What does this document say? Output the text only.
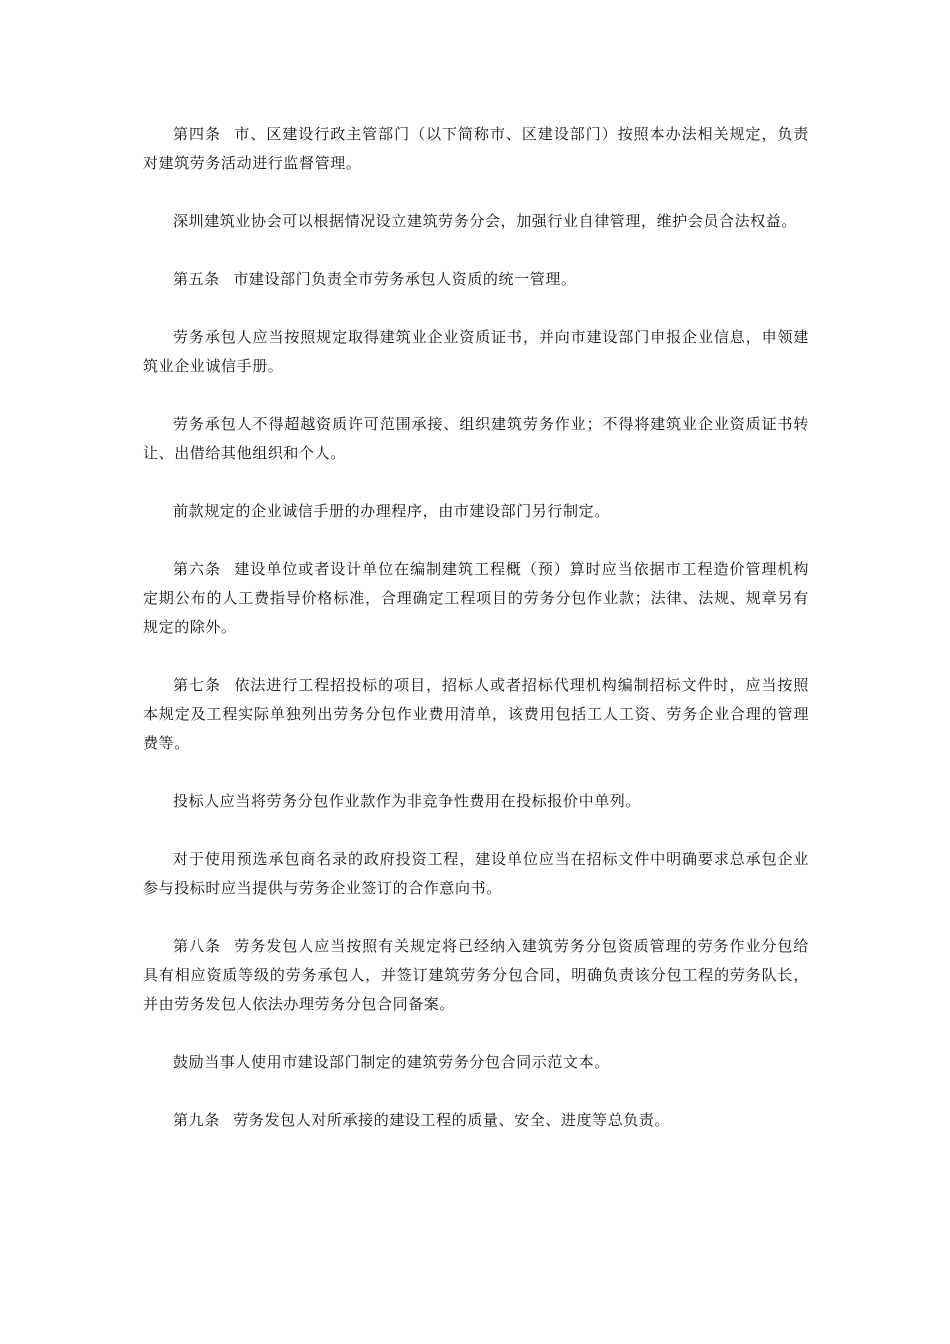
第四条 市、区建设行政主管部门（以下简称市、区建设部门）按照本办法相关规定，负责对建筑劳务活动进行监督管理。

深圳建筑业协会可以根据情况设立建筑劳务分会，加强行业自律管理，维护会员合法权益。

第五条 市建设部门负责全市劳务承包人资质的统一管理。

劳务承包人应当按照规定取得建筑业企业资质证书，并向市建设部门申报企业信息，申领建筑业企业诚信手册。

劳务承包人不得超越资质许可范围承接、组织建筑劳务作业；不得将建筑业企业资质证书转让、出借给其他组织和个人。

前款规定的企业诚信手册的办理程序，由市建设部门另行制定。

第六条 建设单位或者设计单位在编制建筑工程概（预）算时应当依据市工程造价管理机构定期公布的人工费指导价格标准，合理确定工程项目的劳务分包作业款；法律、法规、规章另有规定的除外。

第七条 依法进行工程招投标的项目，招标人或者招标代理机构编制招标文件时，应当按照本规定及工程实际单独列出劳务分包作业费用清单，该费用包括工人工资、劳务企业合理的管理费等。

投标人应当将劳务分包作业款作为非竞争性费用在投标报价中单列。

对于使用预选承包商名录的政府投资工程，建设单位应当在招标文件中明确要求总承包企业参与投标时应当提供与劳务企业签订的合作意向书。

第八条 劳务发包人应当按照有关规定将已经纳入建筑劳务分包资质管理的劳务作业分包给具有相应资质等级的劳务承包人，并签订建筑劳务分包合同，明确负责该分包工程的劳务队长，并由劳务发包人依法办理劳务分包合同备案。

鼓励当事人使用市建设部门制定的建筑劳务分包合同示范文本。

第九条 劳务发包人对所承接的建设工程的质量、安全、进度等总负责。
